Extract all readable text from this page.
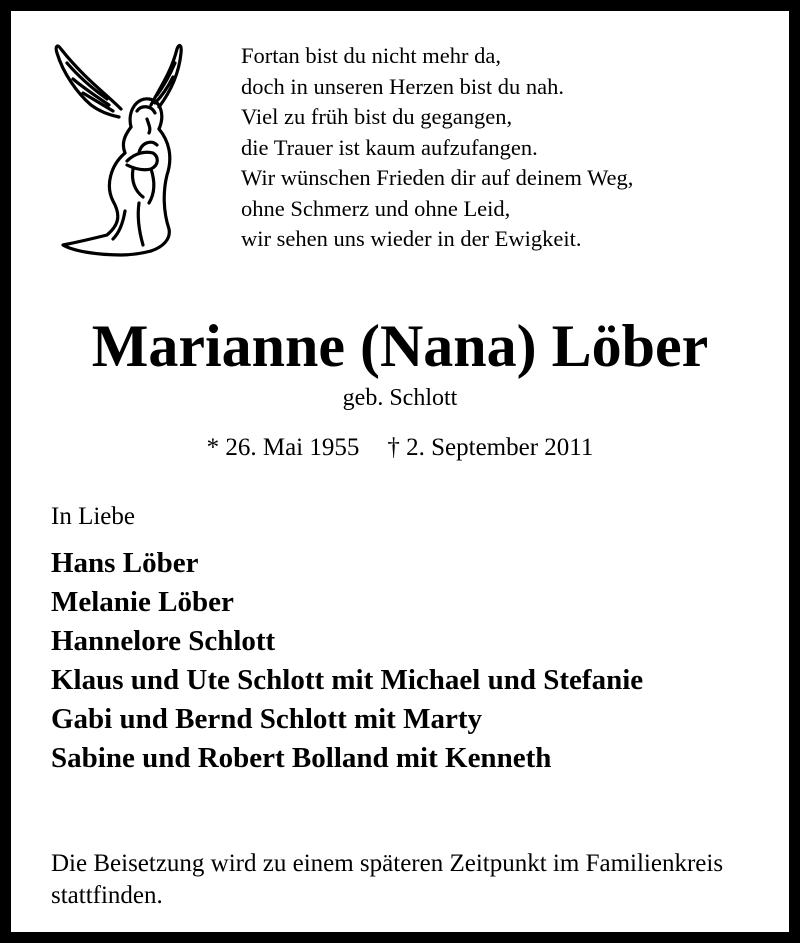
Fortan bist du nicht mehr da,
doch in unseren Herzen bist du nah.
Viel zu früh bist du gegangen,
die Trauer ist kaum aufzufangen.
Wir wünschen Frieden dir auf deinem Weg,
ohne Schmerz und ohne Leid,
wir sehen uns wieder in der Ewigkeit.

Marianne (Nana) Löber
geb. Schlott
* 26. Mai 1955 † 2. September 2011
In Liebe
Hans Löber
Melanie Löber
Hannelore Schlott
Klaus und Ute Schlott mit Michael und Stefanie
Gabi und Bernd Schlott mit Marty
Sabine und Robert Bolland mit Kenneth
Die Beisetzung wird zu einem späteren Zeitpunkt im Familienkreis stattfinden.
